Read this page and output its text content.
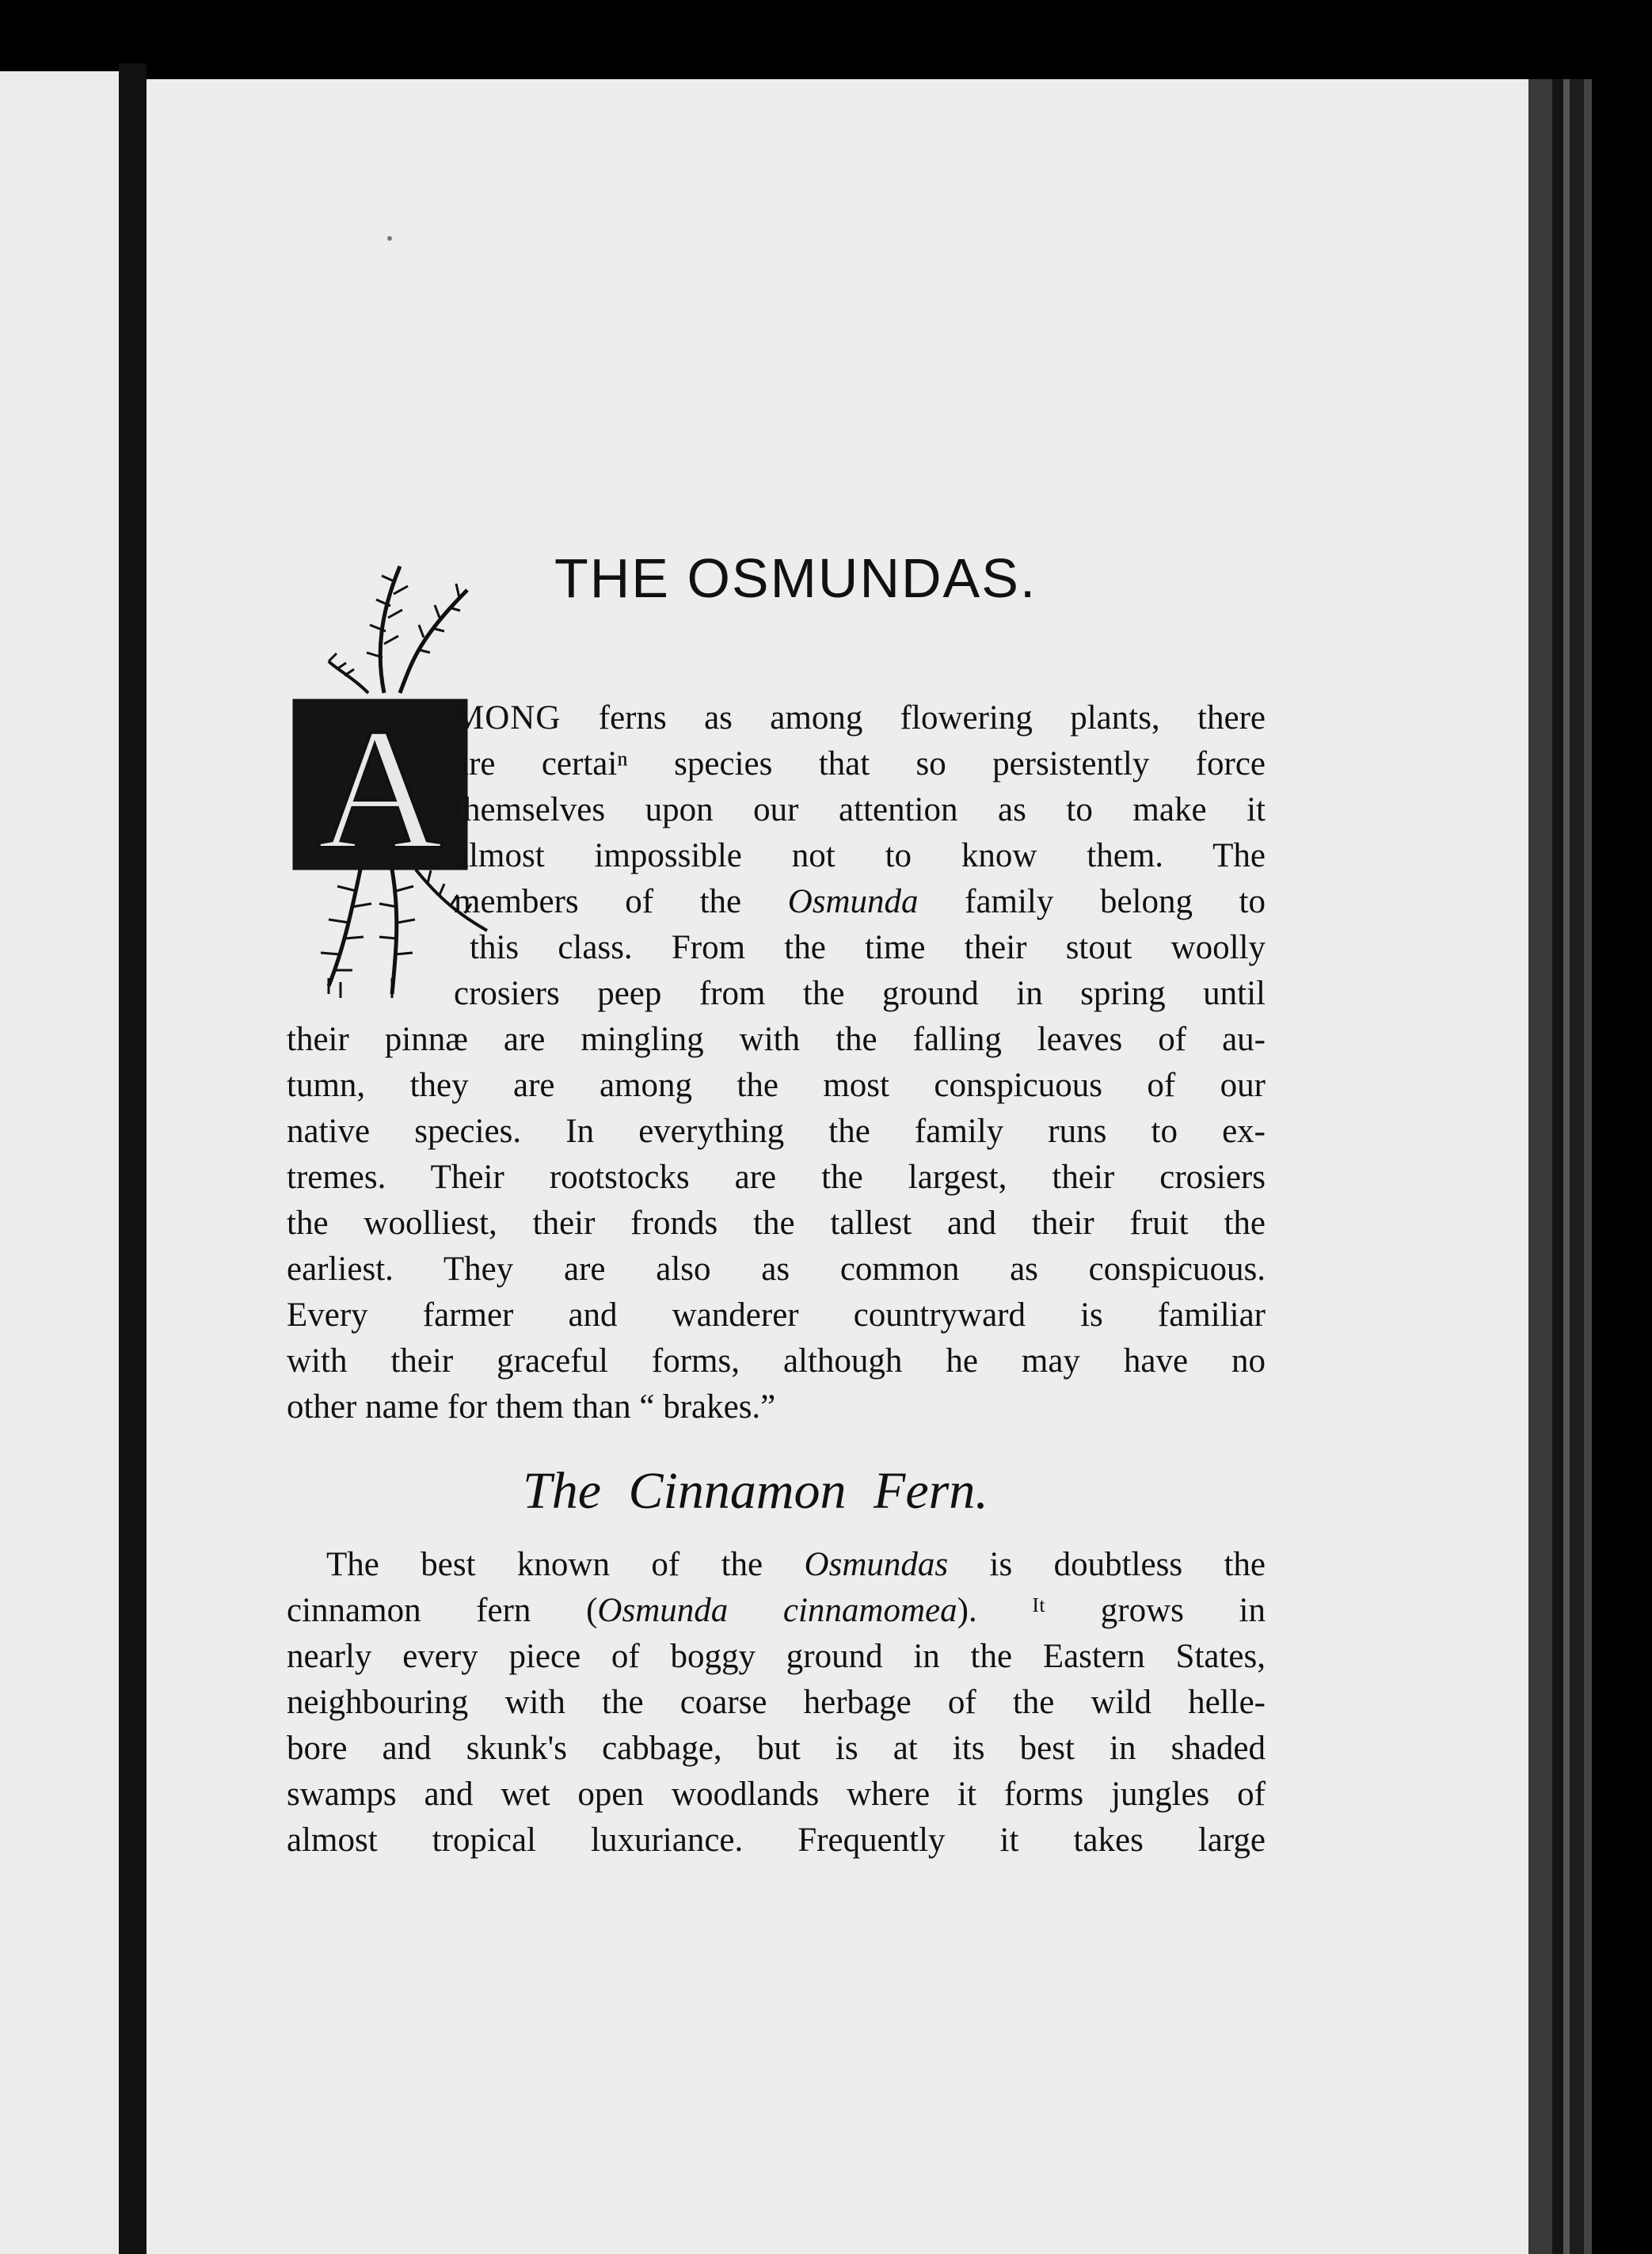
THE OSMUNDAS.
A MONG ferns as among flowering plants, there

are certaiⁿ species that so persistently force

themselves upon our attention as to make it

almost impossible not to know them. The

members of the Osmunda family belong to

this class. From the time their stout woolly

crosiers peep from the ground in spring until

their pinnæ are mingling with the falling leaves of au-

tumn, they are among the most conspicuous of our

native species. In everything the family runs to ex-

tremes. Their rootstocks are the largest, their crosiers

the woolliest, their fronds the tallest and their fruit the

earliest. They are also as common as conspicuous.

Every farmer and wanderer countryward is familiar

with their graceful forms, although he may have no

other name for them than “ brakes.”

The Cinnamon Fern.

The best known of the Osmundas is doubtless the

cinnamon fern (Osmunda cinnamomea). ᴵᵗ grows in

nearly every piece of boggy ground in the Eastern States,

neighbouring with the coarse herbage of the wild helle-

bore and skunk's cabbage, but is at its best in shaded

swamps and wet open woodlands where it forms jungles of

almost tropical luxuriance. Frequently it takes large
